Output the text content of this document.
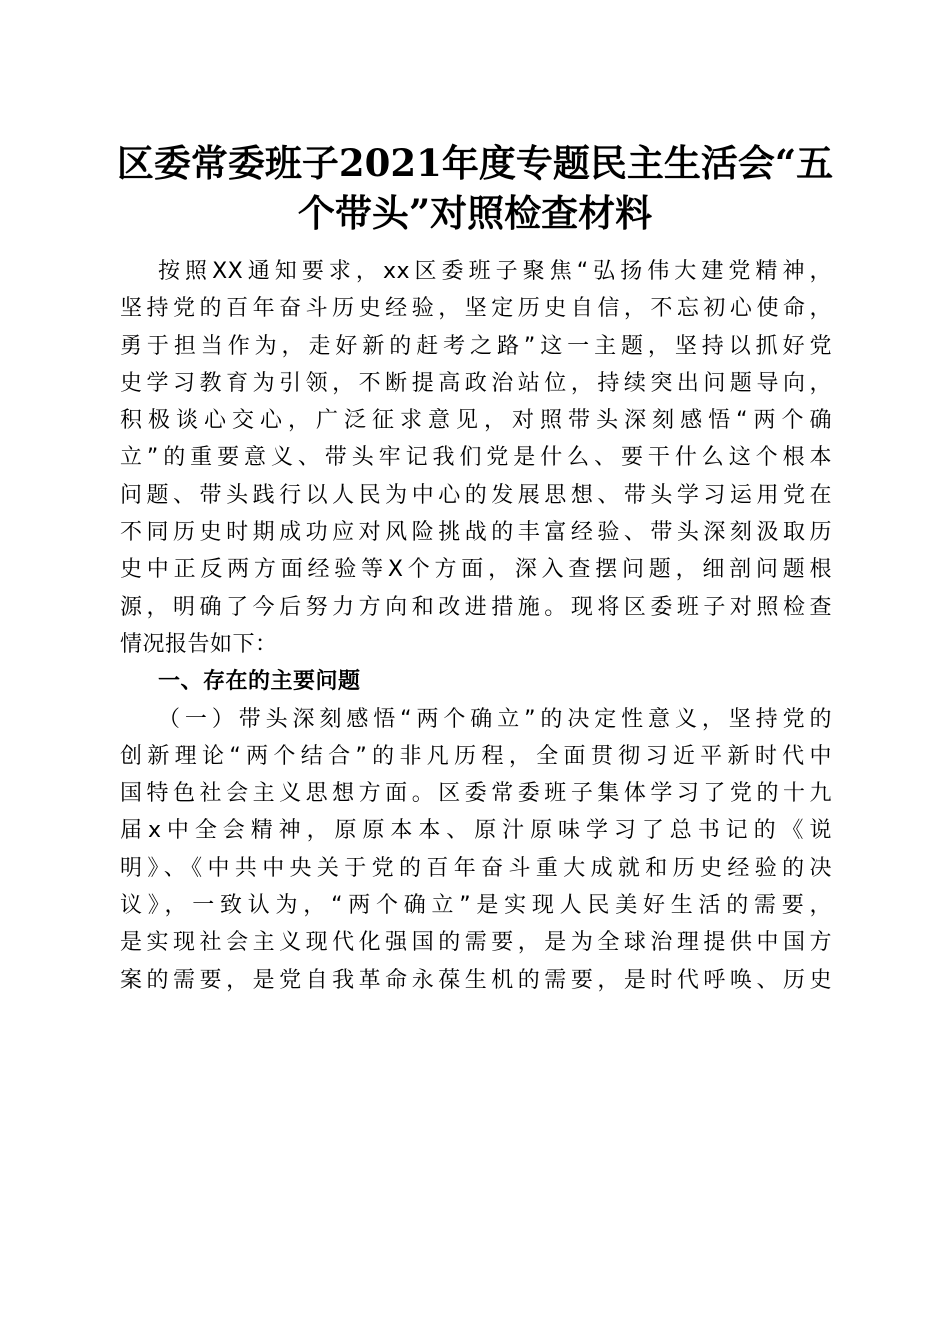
区委常委班子2021年度专题民主生活会“五
个带头”对照检查材料
按照XX通知要求，xx区委班子聚焦“弘扬伟大建党精神，
坚持党的百年奋斗历史经验，坚定历史自信，不忘初心使命，
勇于担当作为，走好新的赶考之路”这一主题，坚持以抓好党
史学习教育为引领，不断提高政治站位，持续突出问题导向，
积极谈心交心，广泛征求意见，对照带头深刻感悟“两个确
立”的重要意义、带头牢记我们党是什么、要干什么这个根本
问题、带头践行以人民为中心的发展思想、带头学习运用党在
不同历史时期成功应对风险挑战的丰富经验、带头深刻汲取历
史中正反两方面经验等X个方面，深入查摆问题，细剖问题根
源，明确了今后努力方向和改进措施。现将区委班子对照检查
情况报告如下：
一、存在的主要问题
（一）带头深刻感悟“两个确立”的决定性意义，坚持党的
创新理论“两个结合”的非凡历程，全面贯彻习近平新时代中
国特色社会主义思想方面。区委常委班子集体学习了党的十九
届x中全会精神，原原本本、原汁原味学习了总书记的《说
明》、《中共中央关于党的百年奋斗重大成就和历史经验的决
议》，一致认为，“两个确立”是实现人民美好生活的需要，
是实现社会主义现代化强国的需要，是为全球治理提供中国方
案的需要，是党自我革命永葆生机的需要，是时代呼唤、历史
